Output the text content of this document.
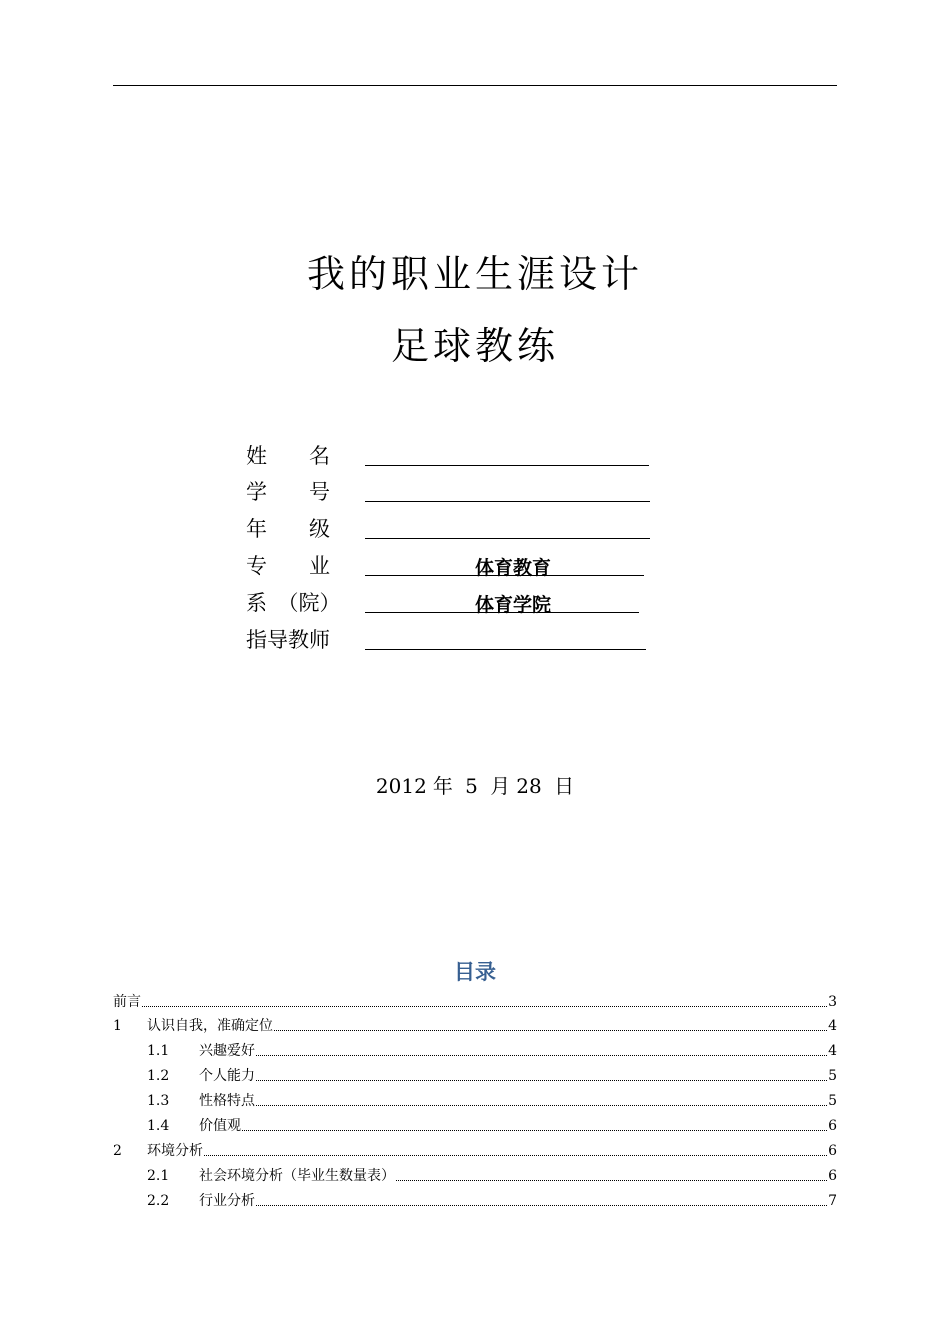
我的职业生涯设计
足球教练
姓　　名
学　　号
年　　级
专　　业	体育教育
系　（院）	体育学院
指导教师
2012 年 5 月 28 日
目录
前言	3
1	认识自我，准确定位	4
1.1	兴趣爱好	4
1.2	个人能力	5
1.3	性格特点	5
1.4	价值观	6
2	环境分析	6
2.1	社会环境分析（毕业生数量表）	6
2.2	行业分析	7
